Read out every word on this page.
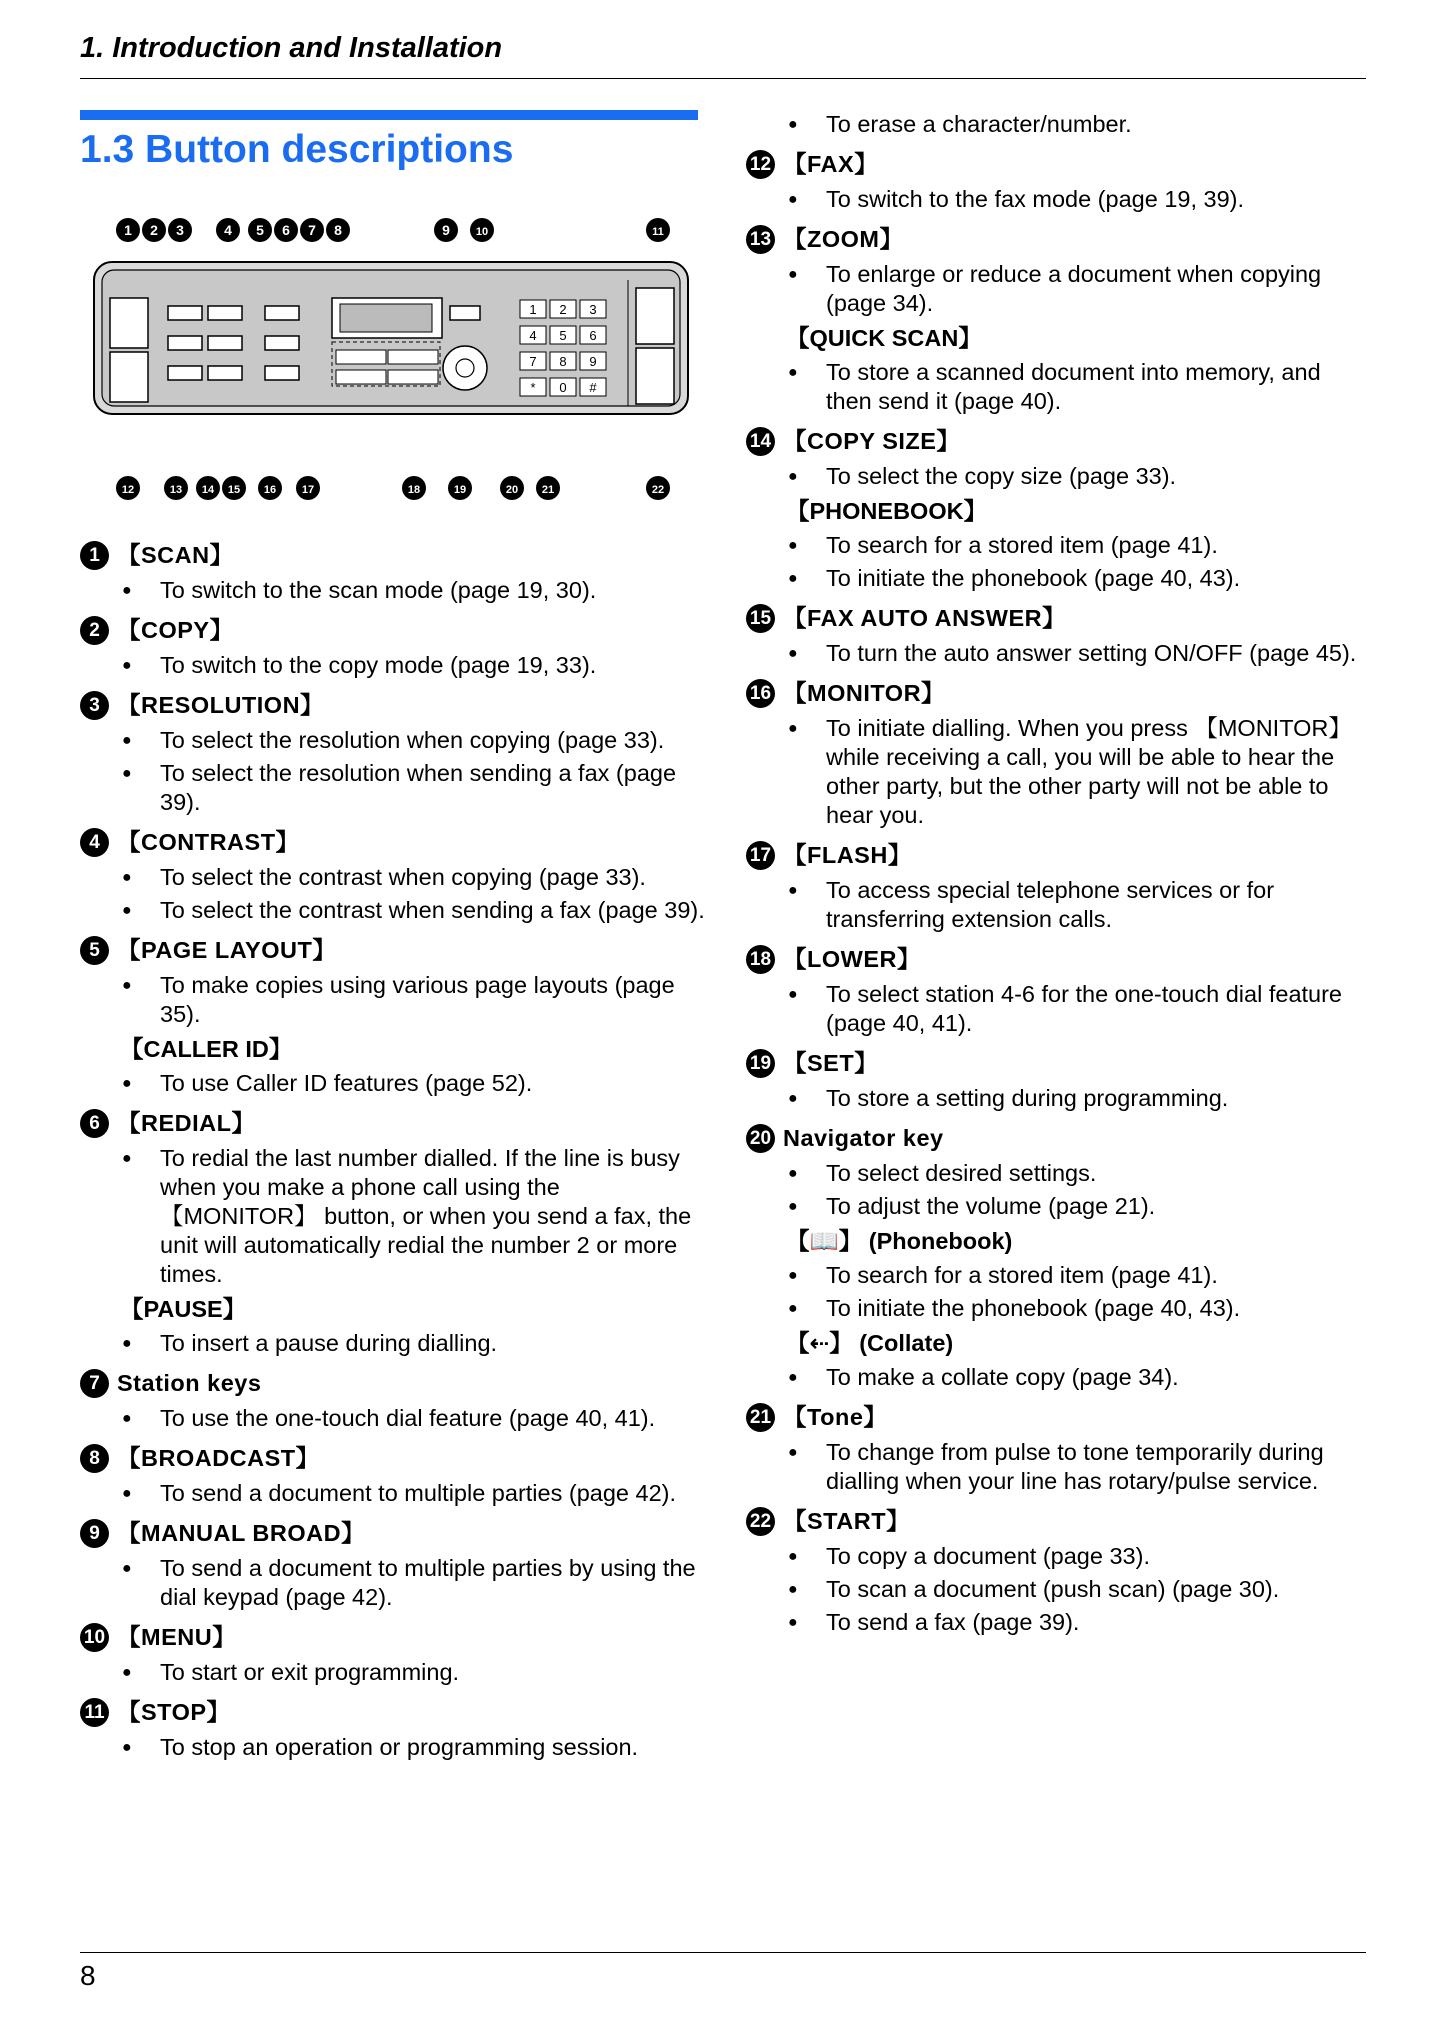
1. Introduction and Installation
1.3 Button descriptions
1 2 3	4 5 6 7 8	9 10	11
12	13 14 15 16 17	18	19	20 21	22
1 2 3
4 5 6
7 8 9
* 0 #
1 【SCAN】
● To switch to the scan mode (page 19, 30).
2 【COPY】
● To switch to the copy mode (page 19, 33).
3 【RESOLUTION】
● To select the resolution when copying (page 33).
● To select the resolution when sending a fax (page 39).
4 【CONTRAST】
● To select the contrast when copying (page 33).
● To select the contrast when sending a fax (page 39).
5 【PAGE LAYOUT】
● To make copies using various page layouts (page 35).
【CALLER ID】
● To use Caller ID features (page 52).
6 【REDIAL】
● To redial the last number dialled. If the line is busy when you make a phone call using the 【MONITOR】 button, or when you send a fax, the unit will automatically redial the number 2 or more times.
【PAUSE】
● To insert a pause during dialling.
7 Station keys
● To use the one-touch dial feature (page 40, 41).
8 【BROADCAST】
● To send a document to multiple parties (page 42).
9 【MANUAL BROAD】
● To send a document to multiple parties by using the dial keypad (page 42).
10 【MENU】
● To start or exit programming.
11 【STOP】
● To stop an operation or programming session.
● To erase a character/number.
12 【FAX】
● To switch to the fax mode (page 19, 39).
13 【ZOOM】
● To enlarge or reduce a document when copying (page 34).
【QUICK SCAN】
● To store a scanned document into memory, and then send it (page 40).
14 【COPY SIZE】
● To select the copy size (page 33).
【PHONEBOOK】
● To search for a stored item (page 41).
● To initiate the phonebook (page 40, 43).
15 【FAX AUTO ANSWER】
● To turn the auto answer setting ON/OFF (page 45).
16 【MONITOR】
● To initiate dialling. When you press 【MONITOR】 while receiving a call, you will be able to hear the other party, but the other party will not be able to hear you.
17 【FLASH】
● To access special telephone services or for transferring extension calls.
18 【LOWER】
● To select station 4-6 for the one-touch dial feature (page 40, 41).
19 【SET】
● To store a setting during programming.
20 Navigator key
● To select desired settings.
● To adjust the volume (page 21).
【📖】 (Phonebook)
● To search for a stored item (page 41).
● To initiate the phonebook (page 40, 43).
【⇠】 (Collate)
● To make a collate copy (page 34).
21 【Tone】
● To change from pulse to tone temporarily during dialling when your line has rotary/pulse service.
22 【START】
● To copy a document (page 33).
● To scan a document (push scan) (page 30).
● To send a fax (page 39).
8
